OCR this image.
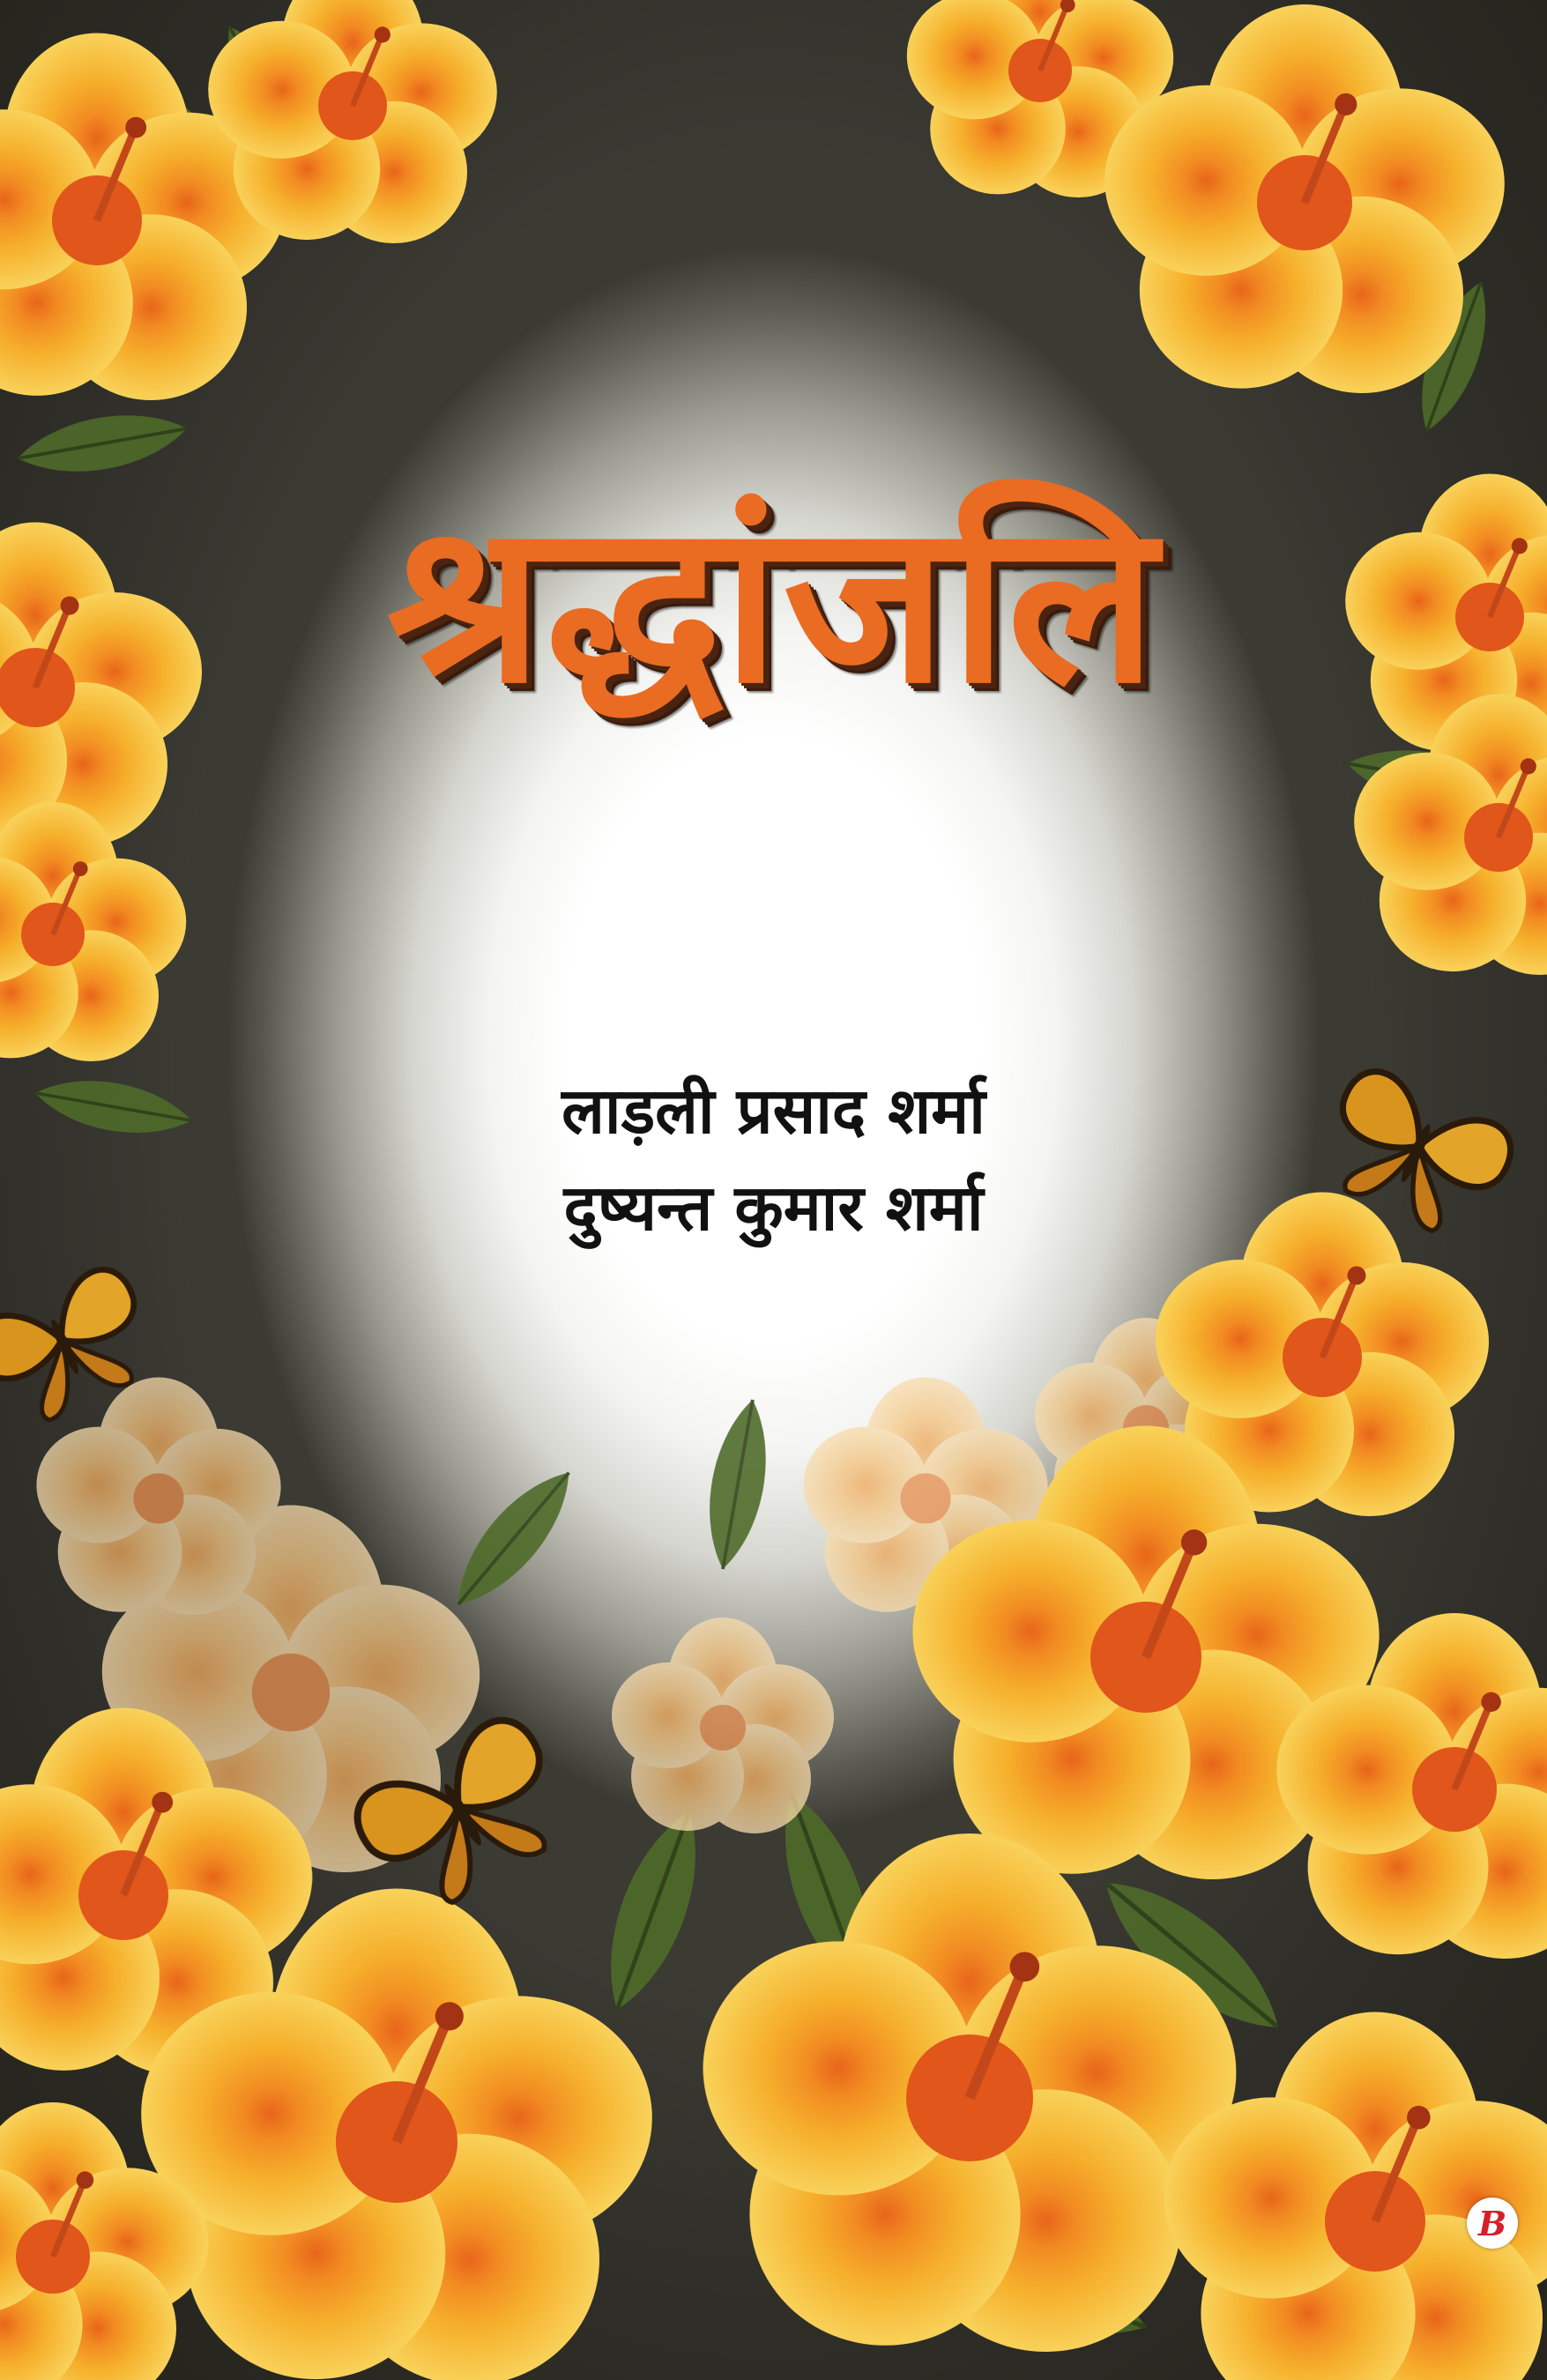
श्रद्धांजलि
लाड़ली प्रसाद शर्मा
दुष्यन्त कुमार शर्मा
B
